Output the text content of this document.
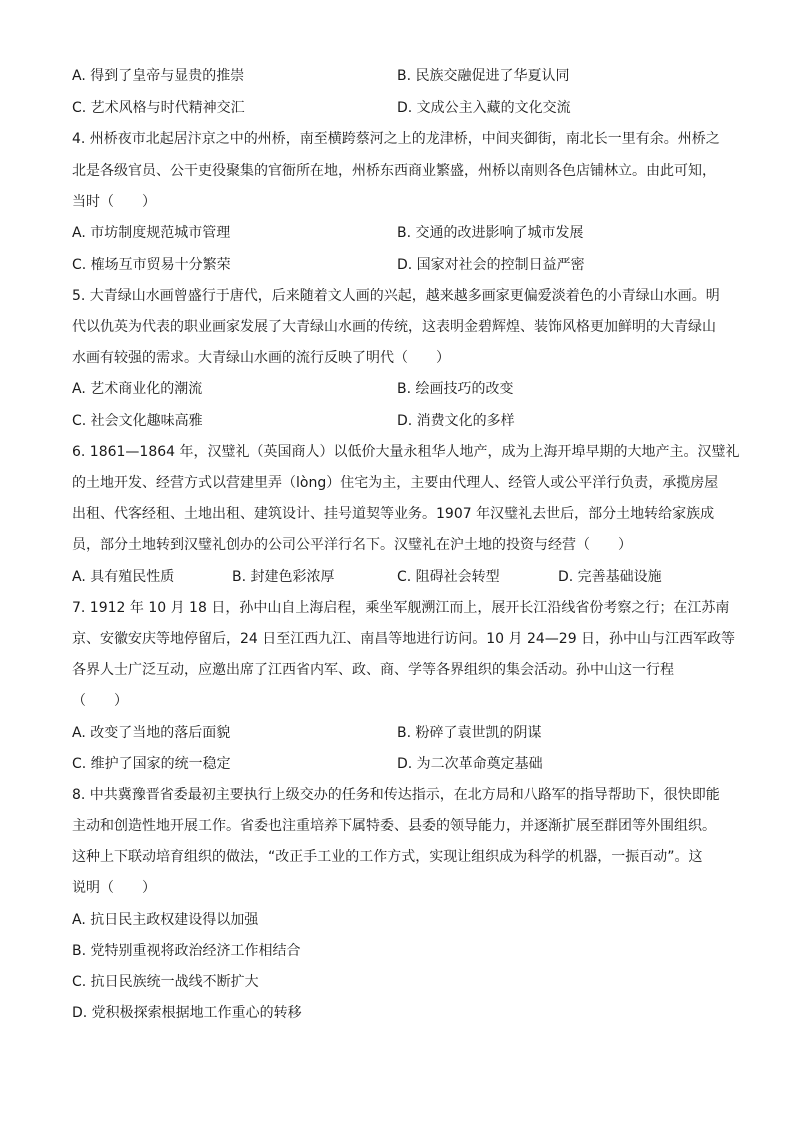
A. 得到了皇帝与显贵的推崇	B. 民族交融促进了华夏认同
C. 艺术风格与时代精神交汇	D. 文成公主入藏的文化交流
4. 州桥夜市北起居汴京之中的州桥，南至横跨蔡河之上的龙津桥，中间夹御街，南北长一里有余。州桥之
北是各级官员、公干吏役聚集的官衙所在地，州桥东西商业繁盛，州桥以南则各色店铺林立。由此可知，
当时（　　）
A. 市坊制度规范城市管理	B. 交通的改进影响了城市发展
C. 榷场互市贸易十分繁荣	D. 国家对社会的控制日益严密
5. 大青绿山水画曾盛行于唐代，后来随着文人画的兴起，越来越多画家更偏爱淡着色的小青绿山水画。明
代以仇英为代表的职业画家发展了大青绿山水画的传统，这表明金碧辉煌、装饰风格更加鲜明的大青绿山
水画有较强的需求。大青绿山水画的流行反映了明代（　　）
A. 艺术商业化的潮流	B. 绘画技巧的改变
C. 社会文化趣味高雅	D. 消费文化的多样
6. 1861—1864 年，汉璧礼（英国商人）以低价大量永租华人地产，成为上海开埠早期的大地产主。汉璧礼
的土地开发、经营方式以营建里弄（lòng）住宅为主，主要由代理人、经管人或公平洋行负责，承揽房屋
出租、代客经租、土地出租、建筑设计、挂号道契等业务。1907 年汉璧礼去世后，部分土地转给家族成
员，部分土地转到汉璧礼创办的公司公平洋行名下。汉璧礼在沪土地的投资与经营（　　）
A. 具有殖民性质	B. 封建色彩浓厚	C. 阻碍社会转型	D. 完善基础设施
7. 1912 年 10 月 18 日，孙中山自上海启程，乘坐军舰溯江而上，展开长江沿线省份考察之行；在江苏南
京、安徽安庆等地停留后，24 日至江西九江、南昌等地进行访问。10 月 24—29 日，孙中山与江西军政等
各界人士广泛互动，应邀出席了江西省内军、政、商、学等各界组织的集会活动。孙中山这一行程
（　　）
A. 改变了当地的落后面貌	B. 粉碎了袁世凯的阴谋
C. 维护了国家的统一稳定	D. 为二次革命奠定基础
8. 中共冀豫晋省委最初主要执行上级交办的任务和传达指示，在北方局和八路军的指导帮助下，很快即能
主动和创造性地开展工作。省委也注重培养下属特委、县委的领导能力，并逐渐扩展至群团等外围组织。
这种上下联动培育组织的做法，“改正手工业的工作方式，实现让组织成为科学的机器，一振百动”。这
说明（　　）
A. 抗日民主政权建设得以加强
B. 党特别重视将政治经济工作相结合
C. 抗日民族统一战线不断扩大
D. 党积极探索根据地工作重心的转移
